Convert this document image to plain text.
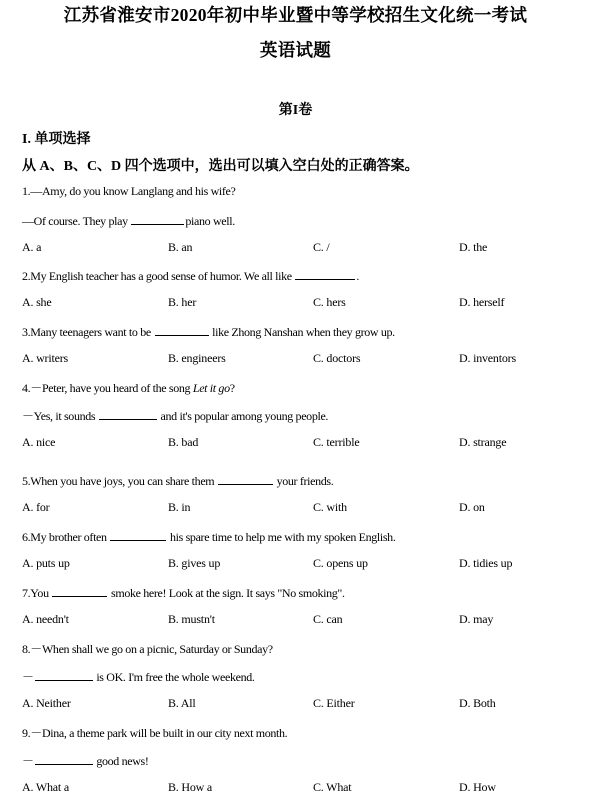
江苏省淮安市2020年初中毕业暨中等学校招生文化统一考试
英语试题
第I卷
I. 单项选择
从 A、B、C、D 四个选项中，选出可以填入空白处的正确答案。
1.—Amy, do you know Langlang and his wife?
—Of course. They play	piano well.
A. a	B. an	C. /	D. the
2.My English teacher has a good sense of humor. We all like	.
A. she	B. her	C. hers	D. herself
3.Many teenagers want to be	like Zhong Nanshan when they grow up.
A. writers	B. engineers	C. doctors	D. inventors
4.－Peter, have you heard of the song Let it go?
－Yes, it sounds	and it's popular among young people.
A. nice	B. bad	C. terrible	D. strange
5.When you have joys, you can share them	your friends.
A. for	B. in	C. with	D. on
6.My brother often	his spare time to help me with my spoken English.
A. puts up	B. gives up	C. opens up	D. tidies up
7.You	smoke here! Look at the sign. It says "No smoking".
A. needn't	B. mustn't	C. can	D. may
8.－When shall we go on a picnic, Saturday or Sunday?
－	is OK. I'm free the whole weekend.
A. Neither	B. All	C. Either	D. Both
9.－Dina, a theme park will be built in our city next month.
－	good news!
A. What a	B. How a	C. What	D. How
